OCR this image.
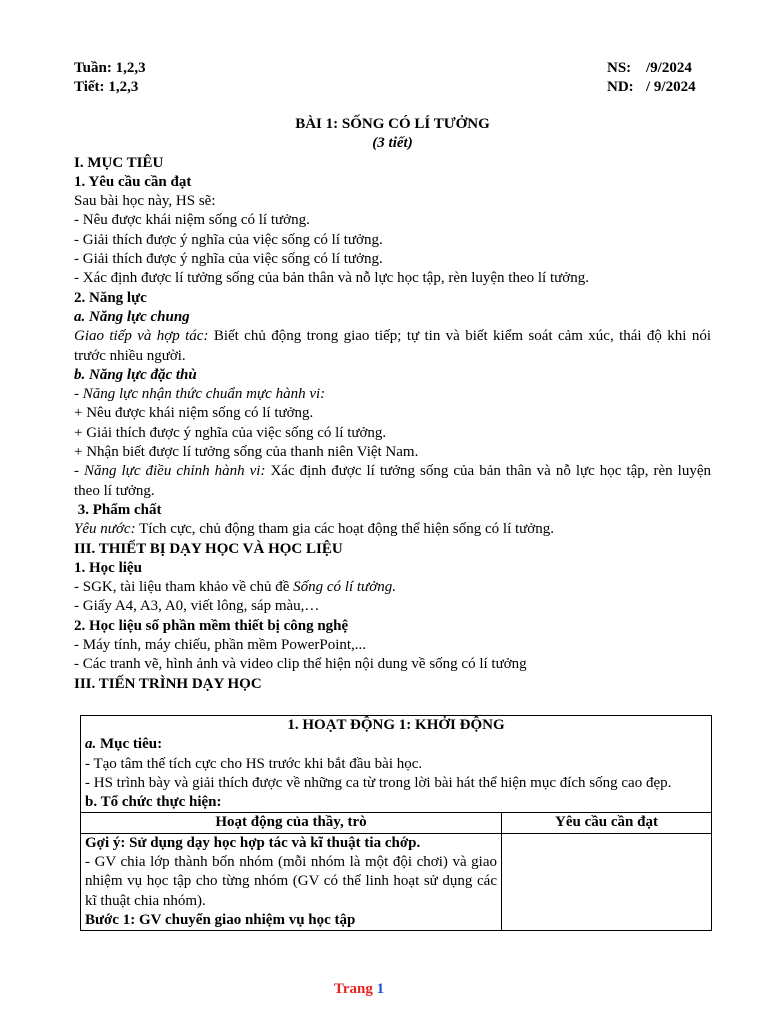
Tuần:
1,2,3
Tiết:
1,2,3
NS: /9/2024
ND: / 9/2024
BÀI 1: SỐNG CÓ LÍ TƯỞNG
(3 tiết)
I. MỤC TIÊU
1. Yêu cầu cần đạt
Sau bài học này, HS sẽ:
- Nêu được khái niệm sống có lí tưởng.
- Giải thích được ý nghĩa của việc sống có lí tưởng.
- Giải thích được ý nghĩa của việc sống có lí tưởng.
- Xác định được lí tưởng sống của bản thân và nỗ lực học tập, rèn luyện theo lí tưởng.
2. Năng lực
a. Năng lực chung
Giao tiếp và hợp tác: Biết chủ động trong giao tiếp; tự tin và biết kiểm soát cảm xúc, thái độ khi nói trước nhiều người.
b. Năng lực đặc thù
- Năng lực nhận thức chuẩn mực hành vi:
+ Nêu được khái niệm sống có lí tưởng.
+ Giải thích được ý nghĩa của việc sống có lí tưởng.
+ Nhận biết được lí tưởng sống của thanh niên Việt Nam.
- Năng lực điều chỉnh hành vi: Xác định được lí tưởng sống của bản thân và nỗ lực học tập, rèn luyện theo lí tưởng.
3. Phẩm chất
Yêu nước: Tích cực, chủ động tham gia các hoạt động thể hiện sống có lí tưởng.
III. THIẾT BỊ DẠY HỌC VÀ HỌC LIỆU
1. Học liệu
- SGK, tài liệu tham khảo về chủ đề Sống có lí tưởng.
- Giấy A4, A3, A0, viết lông, sáp màu,…
2. Học liệu số phần mềm thiết bị công nghệ
- Máy tính, máy chiếu, phần mềm PowerPoint,...
- Các tranh vẽ, hình ảnh và video clip thể hiện nội dung về sống có lí tưởng
III. TIẾN TRÌNH DẠY HỌC
1. HOẠT ĐỘNG 1: KHỞI ĐỘNG
a. Mục tiêu:
- Tạo tâm thế tích cực cho HS trước khi bắt đầu bài học.
- HS trình bày và giải thích được về những ca từ trong lời bài hát thể hiện mục đích sống cao đẹp.
b. Tổ chức thực hiện:	

Hoạt động của thầy, trò	Yêu cầu cần đạt

Gợi ý: Sử dụng dạy học hợp tác và kĩ thuật tia chớp.
- GV chia lớp thành bốn nhóm (mỗi nhóm là một đội chơi) và giao nhiệm vụ học tập cho từng nhóm (GV có thể linh hoạt sử dụng các kĩ thuật chia nhóm).
Bước 1: GV chuyển giao nhiệm vụ học tập	

Trang 1
